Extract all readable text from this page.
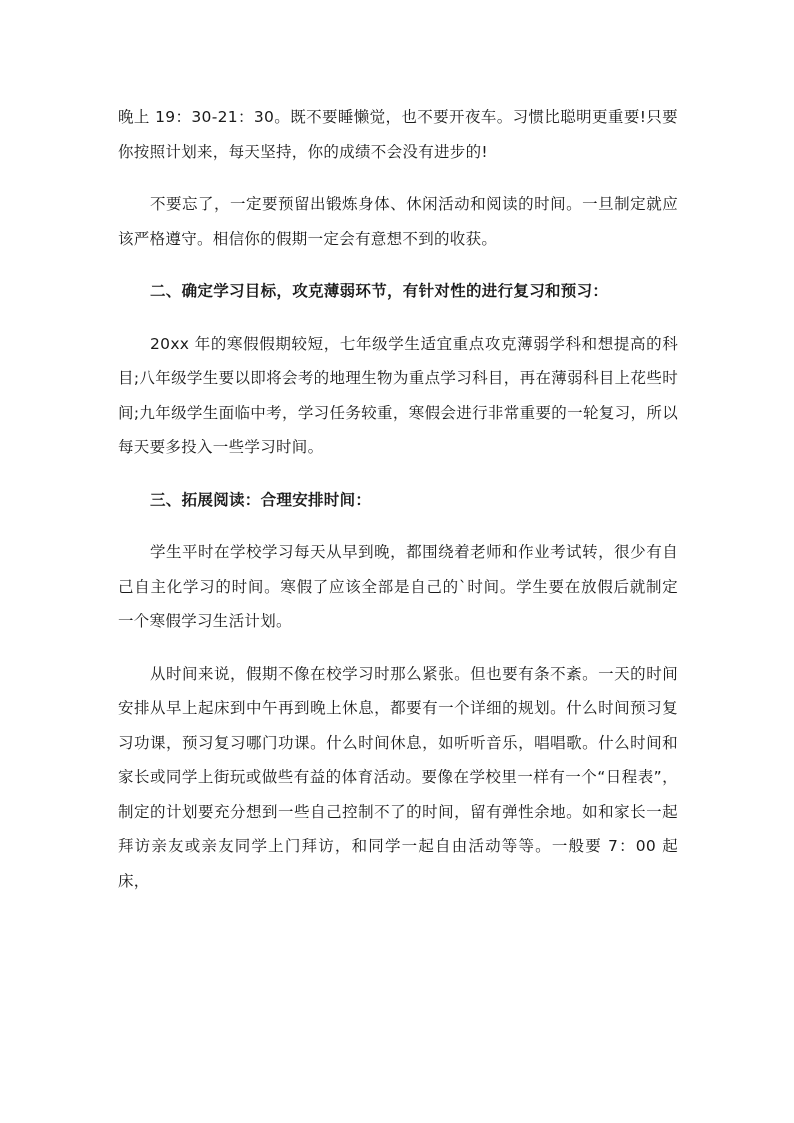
晚上 19：30-21：30。既不要睡懒觉，也不要开夜车。习惯比聪明更重要!只要你按照计划来，每天坚持，你的成绩不会没有进步的!

不要忘了，一定要预留出锻炼身体、休闲活动和阅读的时间。一旦制定就应该严格遵守。相信你的假期一定会有意想不到的收获。

二、确定学习目标，攻克薄弱环节，有针对性的进行复习和预习：

20xx 年的寒假假期较短，七年级学生适宜重点攻克薄弱学科和想提高的科目;八年级学生要以即将会考的地理生物为重点学习科目，再在薄弱科目上花些时间;九年级学生面临中考，学习任务较重，寒假会进行非常重要的一轮复习，所以每天要多投入一些学习时间。

三、拓展阅读：合理安排时间：

学生平时在学校学习每天从早到晚，都围绕着老师和作业考试转，很少有自己自主化学习的时间。寒假了应该全部是自己的`时间。学生要在放假后就制定一个寒假学习生活计划。

从时间来说，假期不像在校学习时那么紧张。但也要有条不紊。一天的时间安排从早上起床到中午再到晚上休息，都要有一个详细的规划。什么时间预习复习功课，预习复习哪门功课。什么时间休息，如听听音乐，唱唱歌。什么时间和家长或同学上街玩或做些有益的体育活动。要像在学校里一样有一个“日程表”，制定的计划要充分想到一些自己控制不了的时间，留有弹性余地。如和家长一起拜访亲友或亲友同学上门拜访，和同学一起自由活动等等。一般要 7：00 起床，
